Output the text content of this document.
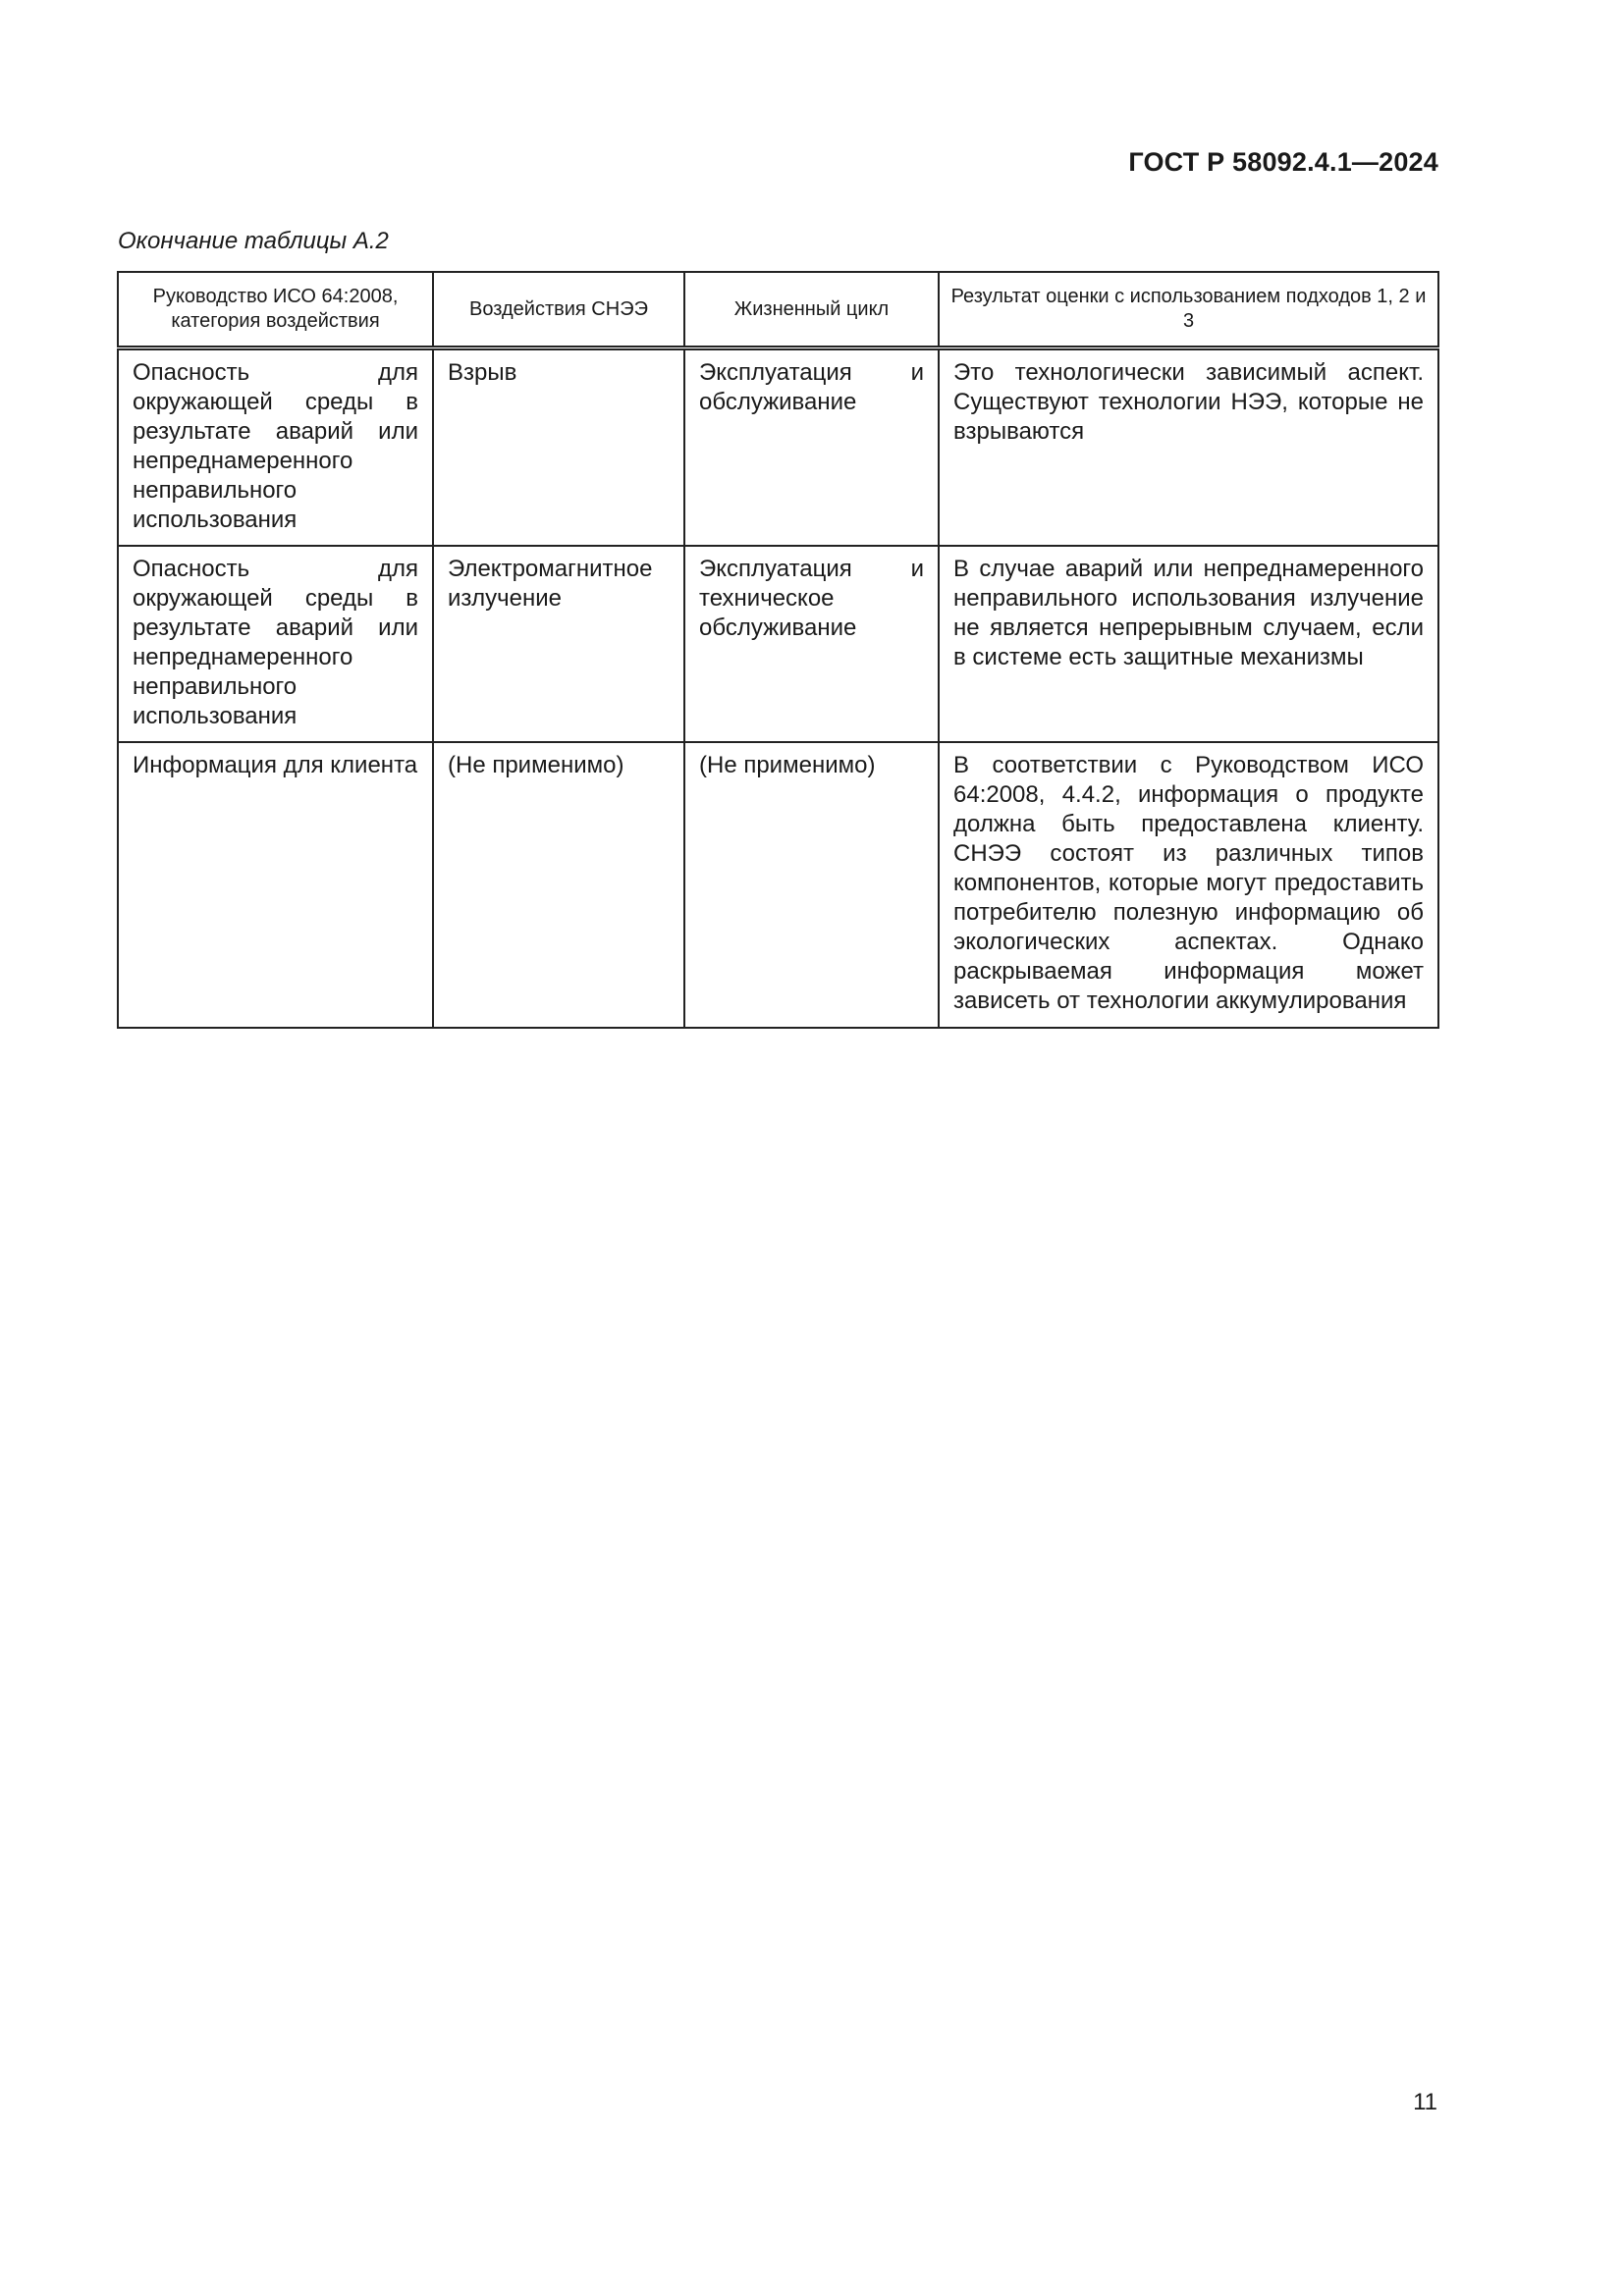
ГОСТ Р 58092.4.1—2024
Окончание таблицы А.2
Руководство ИСО 64:2008, категория воздействия	Воздействия СНЭЭ	Жизненный цикл	Результат оценки с использованием подходов 1, 2 и 3
Опасность для окружающей среды в результате аварий или непреднамеренного неправильного использования	Взрыв	Эксплуатация и обслуживание	Это технологически зависимый аспект. Существуют технологии НЭЭ, которые не взрываются
Опасность для окружающей среды в результате аварий или непреднамеренного неправильного использования	Электромагнитное излучение	Эксплуатация и техническое обслуживание	В случае аварий или непреднамеренного неправильного использования излучение не является непрерывным случаем, если в системе есть защитные механизмы
Информация для клиента	(Не применимо)	(Не применимо)	В соответствии с Руководством ИСО 64:2008, 4.4.2, информация о продукте должна быть предоставлена клиенту. СНЭЭ состоят из различных типов компонентов, которые могут предоставить потребителю полезную информацию об экологических аспектах. Однако раскрываемая информация может зависеть от технологии аккумулирования
11
